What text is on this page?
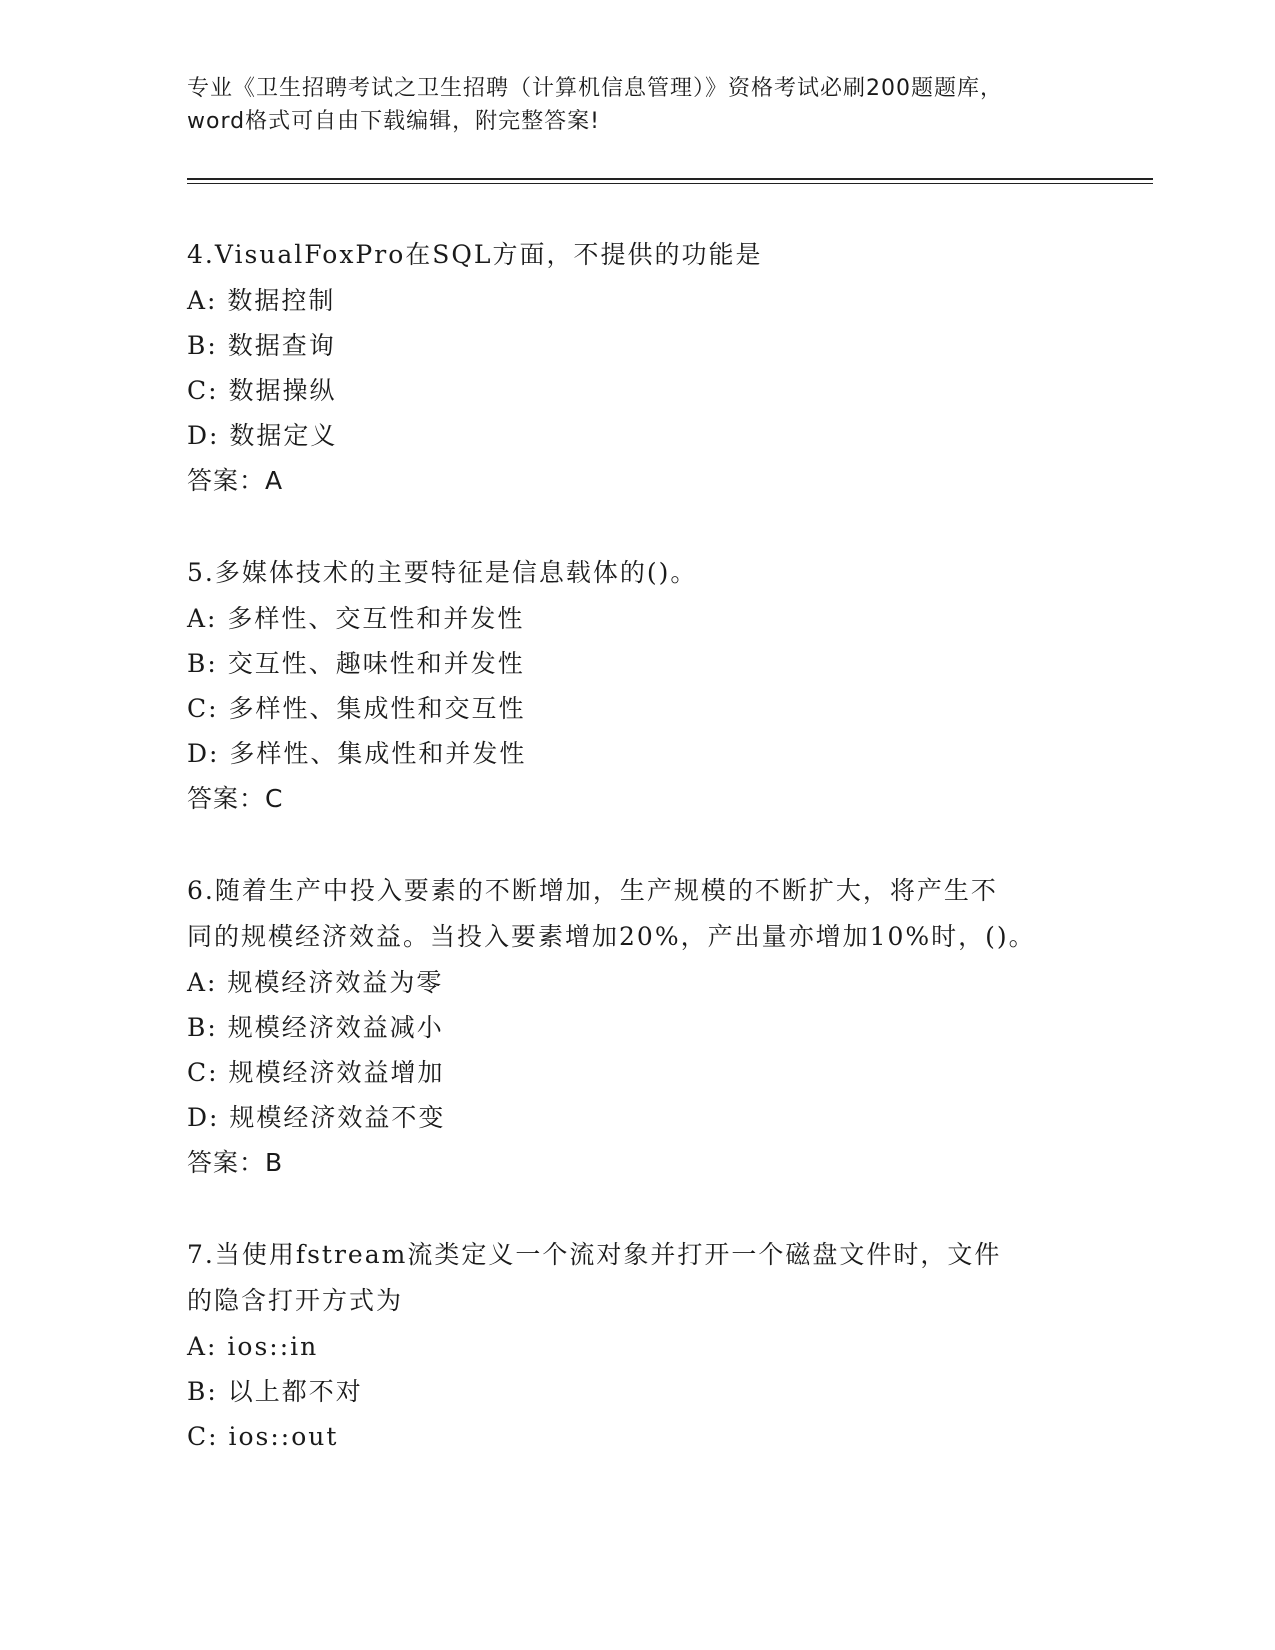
专业《卫生招聘考试之卫生招聘（计算机信息管理）》资格考试必刷200题题库，

word格式可自由下载编辑，附完整答案!

4.VisualFoxPro在SQL方面，不提供的功能是

A: 数据控制

B: 数据查询

C: 数据操纵

D: 数据定义

答案：A

5.多媒体技术的主要特征是信息载体的()。

A: 多样性、交互性和并发性

B: 交互性、趣味性和并发性

C: 多样性、集成性和交互性

D: 多样性、集成性和并发性

答案：C

6.随着生产中投入要素的不断增加，生产规模的不断扩大，将产生不

同的规模经济效益。当投入要素增加20%，产出量亦增加10%时，()。

A: 规模经济效益为零

B: 规模经济效益减小

C: 规模经济效益增加

D: 规模经济效益不变

答案：B

7.当使用fstream流类定义一个流对象并打开一个磁盘文件时，文件

的隐含打开方式为

A: ios::in

B: 以上都不对

C: ios::out
